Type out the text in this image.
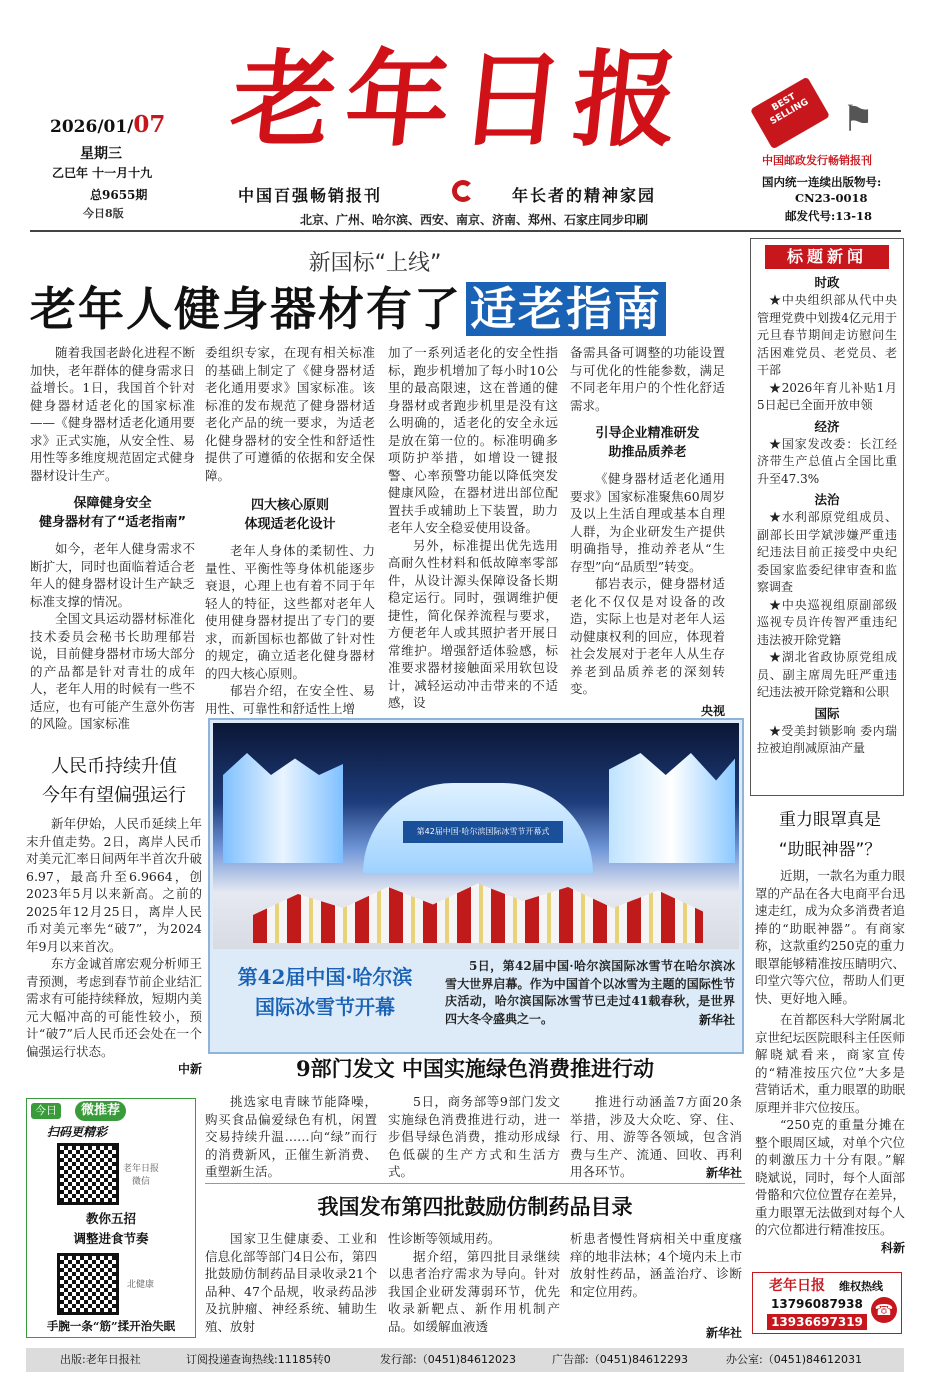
2026/01/07
星期三
乙巳年 十一月十九
总9655期
今日8版
老年日报
中国百强畅销报刊	年长者的精神家园
北京、广州、哈尔滨、西安、南京、济南、郑州、石家庄同步印刷
BEST SELLING ⚑
中国邮政发行畅销报刊
国内统一连续出版物号:
CN23-0018
邮发代号:13-18
新国标“上线”
老年人健身器材有了 适老指南
随着我国老龄化进程不断加快，老年群体的健身需求日益增长。1日，我国首个针对健身器材适老化的国家标准——《健身器材适老化通用要求》正式实施，从安全性、易用性等多维度规范固定式健身器材设计生产。
保障健身安全
健身器材有了“适老指南”
如今，老年人健身需求不断扩大，同时也面临着适合老年人的健身器材设计生产缺乏标准支撑的情况。
全国文具运动器材标准化技术委员会秘书长助理郁岩说，目前健身器材市场大部分的产品都是针对青壮的成年人，老年人用的时候有一些不适应，也有可能产生意外伤害的风险。国家标准
委组织专家，在现有相关标准的基础上制定了《健身器材适老化通用要求》国家标准。该标准的发布规范了健身器材适老化产品的统一要求，为适老化健身器材的安全性和舒适性提供了可遵循的依据和安全保障。
四大核心原则
体现适老化设计
老年人身体的柔韧性、力量性、平衡性等身体机能逐步衰退，心理上也有着不同于年轻人的特征，这些都对老年人使用健身器材提出了专门的要求，而新国标也都做了针对性的规定，确立适老化健身器材的四大核心原则。
郁岩介绍，在安全性、易用性、可靠性和舒适性上增
加了一系列适老化的安全性指标，跑步机增加了每小时10公里的最高限速，这在普通的健身器材或者跑步机里是没有这么明确的，适老化的安全永远是放在第一位的。标准明确多项防护举措，如增设一键报警、心率预警功能以降低突发健康风险，在器材进出部位配置扶手或辅助上下装置，助力老年人安全稳妥使用设备。
另外，标准提出优先选用高耐久性材料和低故障率零部件，从设计源头保障设备长期稳定运行。同时，强调维护便捷性，简化保养流程与要求，方便老年人或其照护者开展日常维护。增强舒适体验感，标准要求器材接触面采用软包设计，减轻运动冲击带来的不适感，设
备需具备可调整的功能设置与可优化的性能参数，满足不同老年用户的个性化舒适需求。
引导企业精准研发
助推品质养老
《健身器材适老化通用要求》国家标准聚焦60周岁及以上生活自理或基本自理人群，为企业研发生产提供明确指导，推动养老从“生存型”向“品质型”转变。
郁岩表示，健身器材适老化不仅仅是对设备的改造，实际上也是对老年人运动健康权利的回应，体现着社会发展对于老年人从生存养老到品质养老的深刻转变。
央视
标题新闻
时政
★中央组织部从代中央管理党费中划拨4亿元用于元旦春节期间走访慰问生活困难党员、老党员、老干部
★2026年育儿补贴1月5日起已全面开放申领
经济
★国家发改委：长江经济带生产总值占全国比重升至47.3%
法治
★水利部原党组成员、副部长田学斌涉嫌严重违纪违法目前正接受中央纪委国家监委纪律审查和监察调查
★中央巡视组原副部级巡视专员许传智严重违纪违法被开除党籍
★湖北省政协原党组成员、副主席周先旺严重违纪违法被开除党籍和公职
国际
★受美封锁影响 委内瑞拉被迫削减原油产量
人民币持续升值
今年有望偏强运行
新年伊始，人民币延续上年末升值走势。2日，离岸人民币对美元汇率日间两年半首次升破6.97，最高升至6.9664，创2023年5月以来新高。之前的2025年12月25日，离岸人民币对美元率先“破7”，为2024年9月以来首次。
东方金诚首席宏观分析师王青预测，考虑到春节前企业结汇需求有可能持续释放，短期内美元大幅冲高的可能性较小，预计“破7”后人民币还会处在一个偏强运行状态。
中新
第42届中国·哈尔滨国际冰雪节开幕式
第42届中国·哈尔滨
国际冰雪节开幕
5日，第42届中国·哈尔滨国际冰雪节在哈尔滨冰雪大世界启幕。作为中国首个以冰雪为主题的国际性节庆活动，哈尔滨国际冰雪节已走过41载春秋，是世界四大冬令盛典之一。	新华社
重力眼罩真是
“助眠神器”？
近期，一款名为重力眼罩的产品在各大电商平台迅速走红，成为众多消费者追捧的“助眠神器”。有商家称，这款重约250克的重力眼罩能够精准按压睛明穴、印堂穴等穴位，帮助人们更快、更好地入睡。
在首都医科大学附属北京世纪坛医院眼科主任医师解晓斌看来，商家宣传的“精准按压穴位”大多是营销话术，重力眼罩的助眠原理并非穴位按压。
“250克的重量分摊在整个眼周区域，对单个穴位的刺激压力十分有限。”解晓斌说，同时，每个人面部骨骼和穴位位置存在差异，重力眼罩无法做到对每个人的穴位都进行精准按压。
科新
今日	微推荐
扫码更精彩
老年日报
微信
教你五招
调整进食节奏
北健康
手腕一条“筋”揉开治失眠
9部门发文 中国实施绿色消费推进行动
挑选家电青睐节能降噪，购买食品偏爱绿色有机，闲置交易持续升温……向“绿”而行的消费新风，正催生新消费、重塑新生活。
5日，商务部等9部门发文实施绿色消费推进行动，进一步倡导绿色消费，推动形成绿色低碳的生产方式和生活方式。
推进行动涵盖7方面20条举措，涉及大众吃、穿、住、行、用、游等各领域，包含消费与生产、流通、回收、再利用各环节。	新华社
我国发布第四批鼓励仿制药品目录
国家卫生健康委、工业和信息化部等部门4日公布，第四批鼓励仿制药品目录收录21个品种、47个品规，收录药品涉及抗肿瘤、神经系统、辅助生殖、放射
性诊断等领域用药。
据介绍，第四批目录继续以患者治疗需求为导向。针对我国企业研发薄弱环节，优先收录新靶点、新作用机制产品。如缓解血液透
析患者慢性肾病相关中重度瘙痒的地非法林；4个境内未上市放射性药品，涵盖治疗、诊断和定位用药。
新华社
老年日报 维权热线
13796087938
13936697319
☎
出版:老年日报社	订阅投递查询热线:11185转0	发行部:（0451)84612023	广告部:（0451)84612293	办公室:（0451)84612031
